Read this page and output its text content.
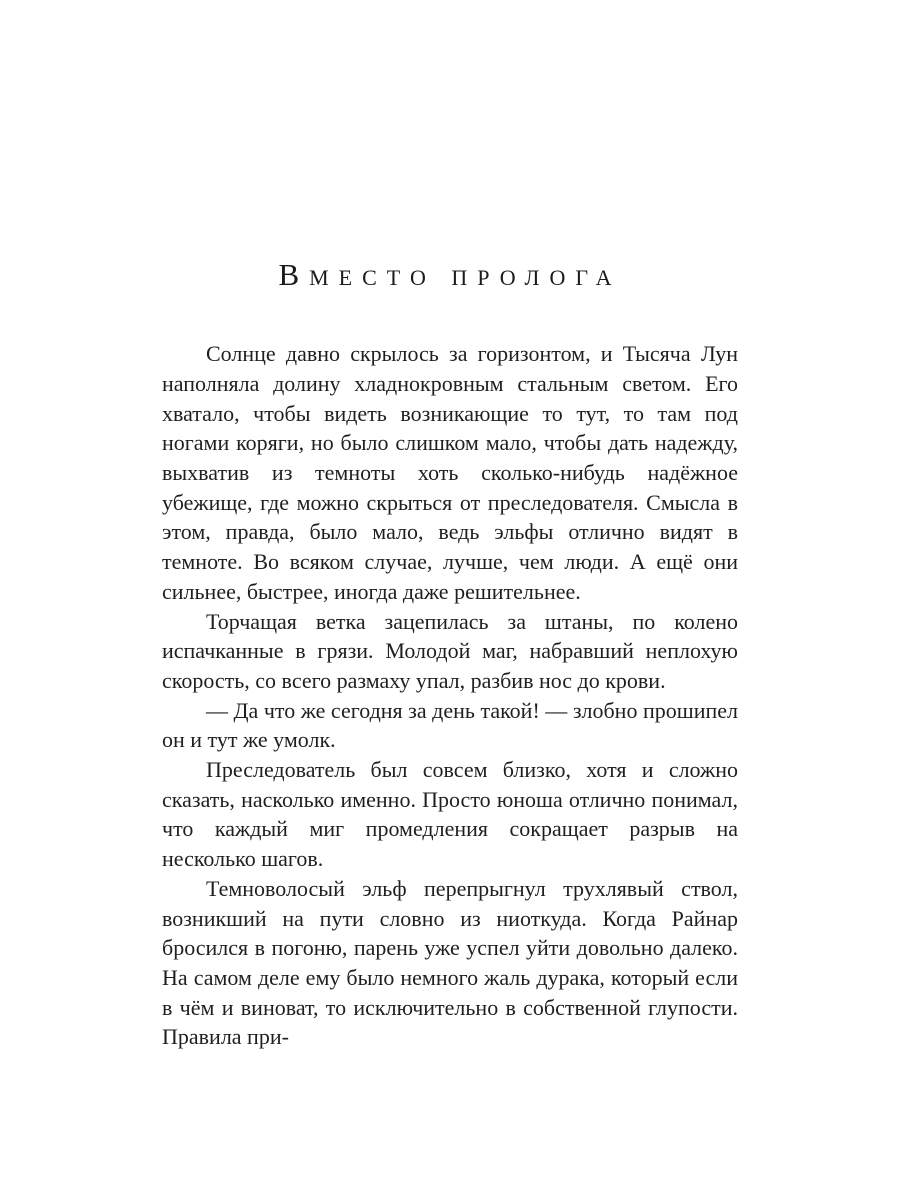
ВМЕСТО ПРОЛОГА

Солнце давно скрылось за горизонтом, и Тысяча Лун наполняла долину хладнокровным стальным светом. Его хватало, чтобы видеть возникающие то тут, то там под ногами коряги, но было слишком мало, чтобы дать надежду, выхватив из темноты хоть сколько-нибудь надёжное убежище, где можно скрыться от преследователя. Смысла в этом, правда, было мало, ведь эльфы отлично видят в темноте. Во всяком случае, лучше, чем люди. А ещё они сильнее, быстрее, иногда даже решительнее.

Торчащая ветка зацепилась за штаны, по колено испачканные в грязи. Молодой маг, набравший неплохую скорость, со всего размаху упал, разбив нос до крови.

— Да что же сегодня за день такой! — злобно прошипел он и тут же умолк.

Преследователь был совсем близко, хотя и сложно сказать, насколько именно. Просто юноша отлично понимал, что каждый миг промедления сокращает разрыв на несколько шагов.

Темноволосый эльф перепрыгнул трухлявый ствол, возникший на пути словно из ниоткуда. Когда Райнар бросился в погоню, парень уже успел уйти довольно далеко. На самом деле ему было немного жаль дурака, который если в чём и виноват, то исключительно в собственной глупости. Правила при-
